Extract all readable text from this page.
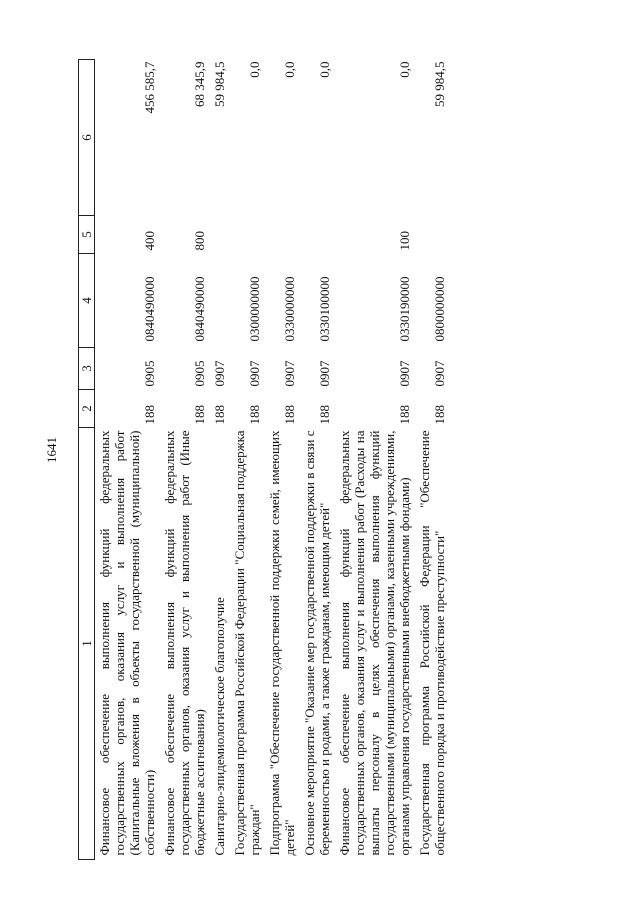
1641
1	2	3	4	5	6
Финансовое обеспечение выполнения функций федеральных государственных органов, оказания услуг и выполнения работ (Капитальные вложения в объекты государственной (муниципальной) собственности)	188	0905	0840490000	400	456 585,7
Финансовое обеспечение выполнения функций федеральных государственных органов, оказания услуг и выполнения работ (Иные бюджетные ассигнования)	188	0905	0840490000	800	68 345,9
Санитарно-эпидемиологическое благополучие	188	0907			59 984,5
Государственная программа Российской Федерации "Социальная поддержка граждан"	188	0907	0300000000		0,0
Подпрограмма "Обеспечение государственной поддержки семей, имеющих детей"	188	0907	0330000000		0,0
Основное мероприятие "Оказание мер государственной поддержки в связи с беременностью и родами, а также гражданам, имеющим детей"	188	0907	0330100000		0,0
Финансовое обеспечение выполнения функций федеральных государственных органов, оказания услуг и выполнения работ (Расходы на выплаты персоналу в целях обеспечения выполнения функций государственными (муниципальными) органами, казенными учреждениями, органами управления государственными внебюджетными фондами)	188	0907	0330190000	100	0,0
Государственная программа Российской Федерации "Обеспечение общественного порядка и противодействие преступности"	188	0907	0800000000		59 984,5
